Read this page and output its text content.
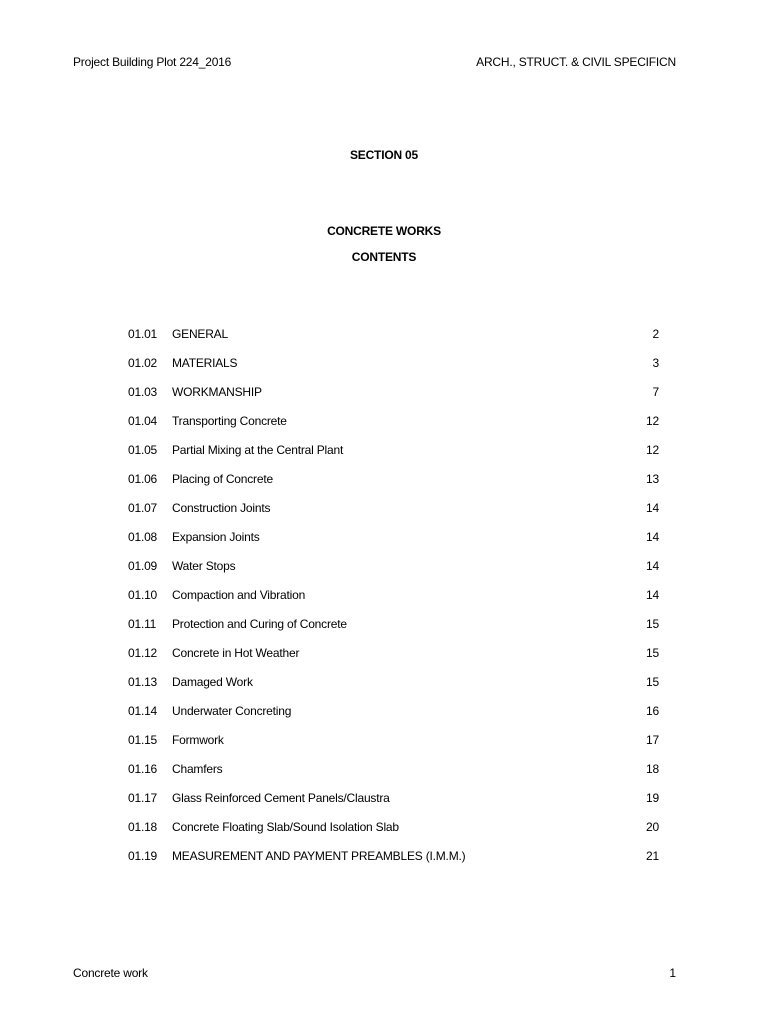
Project Building Plot 224_2016	ARCH., STRUCT. & CIVIL SPECIFICN
SECTION 05
CONCRETE WORKS
CONTENTS
01.01 GENERAL	2
01.02 MATERIALS	3
01.03 WORKMANSHIP	7
01.04 Transporting Concrete	12
01.05 Partial Mixing at the Central Plant	12
01.06 Placing of Concrete	13
01.07 Construction Joints	14
01.08 Expansion Joints	14
01.09 Water Stops	14
01.10 Compaction and Vibration	14
01.11 Protection and Curing of Concrete	15
01.12 Concrete in Hot Weather	15
01.13 Damaged Work	15
01.14 Underwater Concreting	16
01.15 Formwork	17
01.16 Chamfers	18
01.17 Glass Reinforced Cement Panels/Claustra	19
01.18 Concrete Floating Slab/Sound Isolation Slab	20
01.19 MEASUREMENT AND PAYMENT PREAMBLES (I.M.M.)	21
Concrete work	1
